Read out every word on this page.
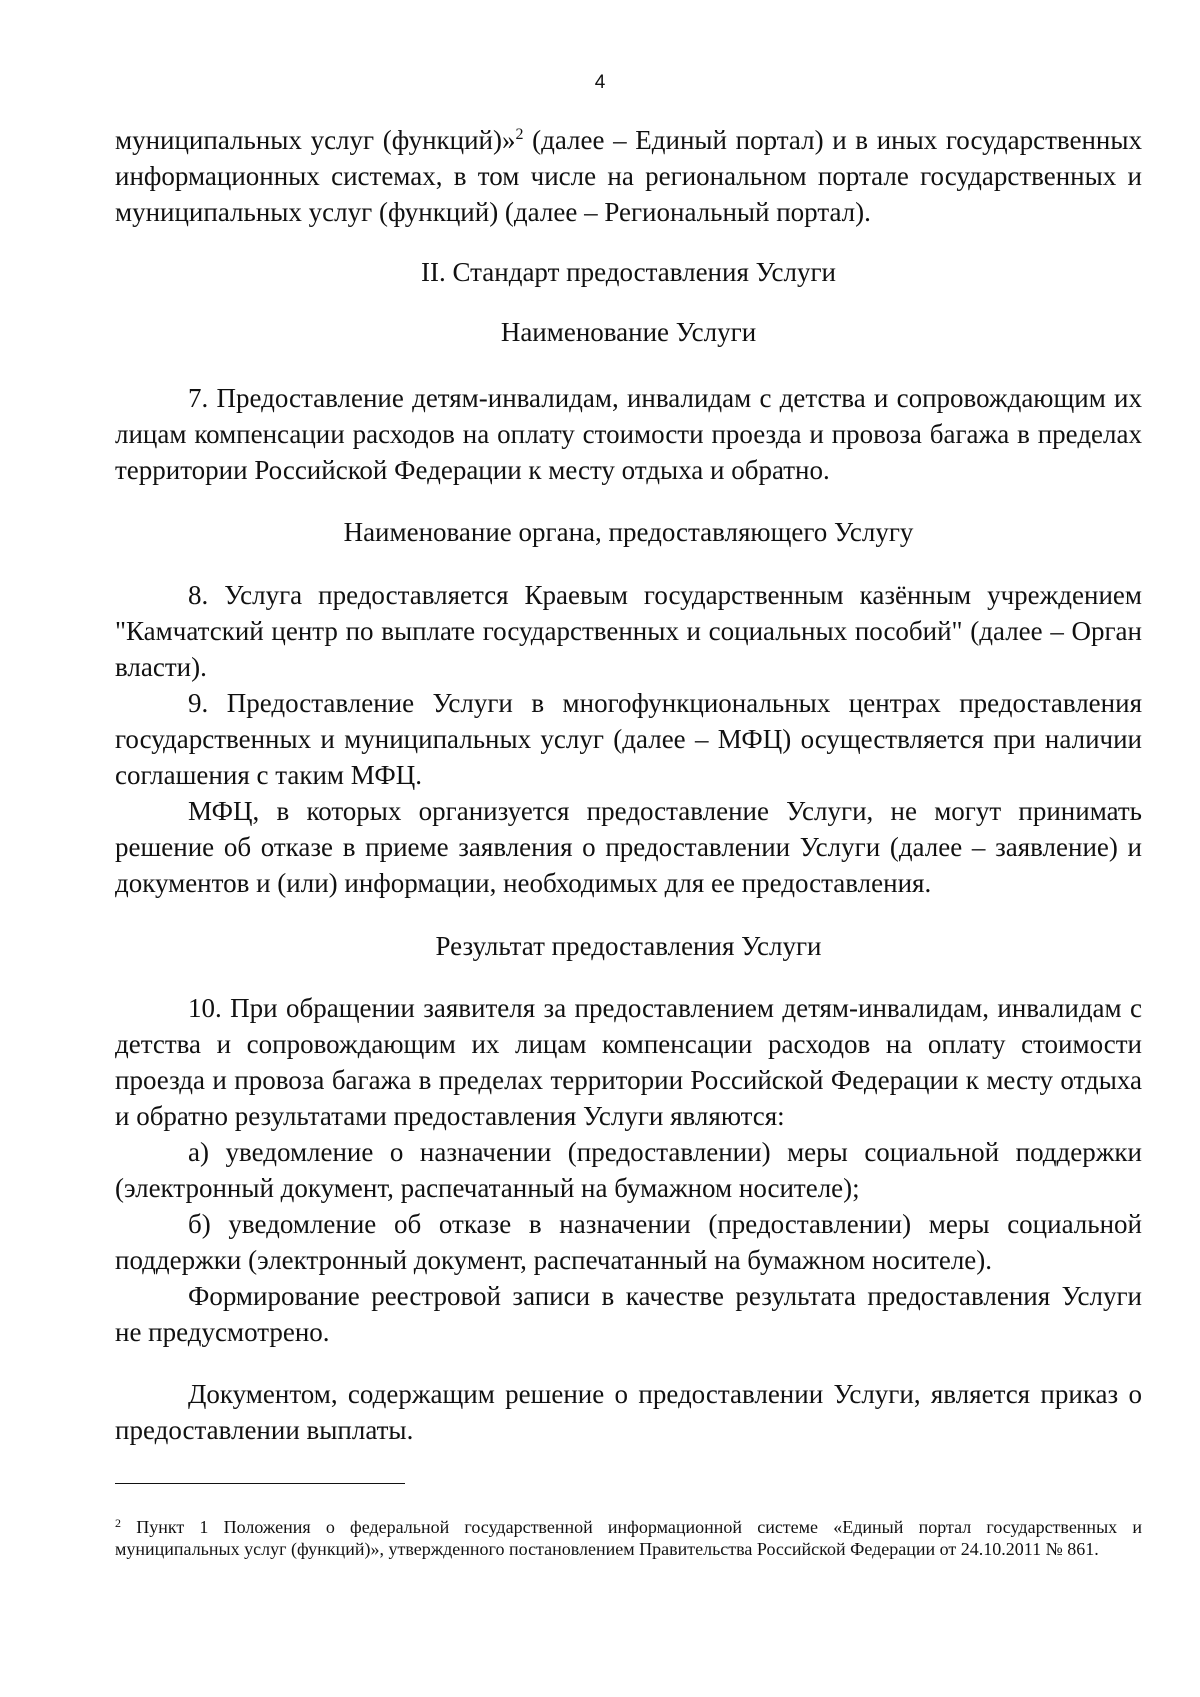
4

муниципальных услуг (функций)»$^2$ (далее – Единый портал) и в иных государственных информационных системах, в том числе на региональном портале государственных и муниципальных услуг (функций) (далее – Региональный портал).

II. Стандарт предоставления Услуги

Наименование Услуги

7. Предоставление детям-инвалидам, инвалидам с детства и сопровождающим их лицам компенсации расходов на оплату стоимости проезда и провоза багажа в пределах территории Российской Федерации к месту отдыха и обратно.

Наименование органа, предоставляющего Услугу

8. Услуга предоставляется Краевым государственным казённым учреждением "Камчатский центр по выплате государственных и социальных пособий" (далее – Орган власти).

9. Предоставление Услуги в многофункциональных центрах предоставления государственных и муниципальных услуг (далее – МФЦ) осуществляется при наличии соглашения с таким МФЦ.

МФЦ, в которых организуется предоставление Услуги, не могут принимать решение об отказе в приеме заявления о предоставлении Услуги (далее – заявление) и документов и (или) информации, необходимых для ее предоставления.

Результат предоставления Услуги

10. При обращении заявителя за предоставлением детям-инвалидам, инвалидам с детства и сопровождающим их лицам компенсации расходов на оплату стоимости проезда и провоза багажа в пределах территории Российской Федерации к месту отдыха и обратно результатами предоставления Услуги являются:

а) уведомление о назначении (предоставлении) меры социальной поддержки (электронный документ, распечатанный на бумажном носителе);

б) уведомление об отказе в назначении (предоставлении) меры социальной поддержки (электронный документ, распечатанный на бумажном носителе).

Формирование реестровой записи в качестве результата предоставления Услуги не предусмотрено.

Документом, содержащим решение о предоставлении Услуги, является приказ о предоставлении выплаты.

$^2$ Пункт 1 Положения о федеральной государственной информационной системе «Единый портал государственных и муниципальных услуг (функций)», утвержденного постановлением Правительства Российской Федерации от 24.10.2011 № 861.
